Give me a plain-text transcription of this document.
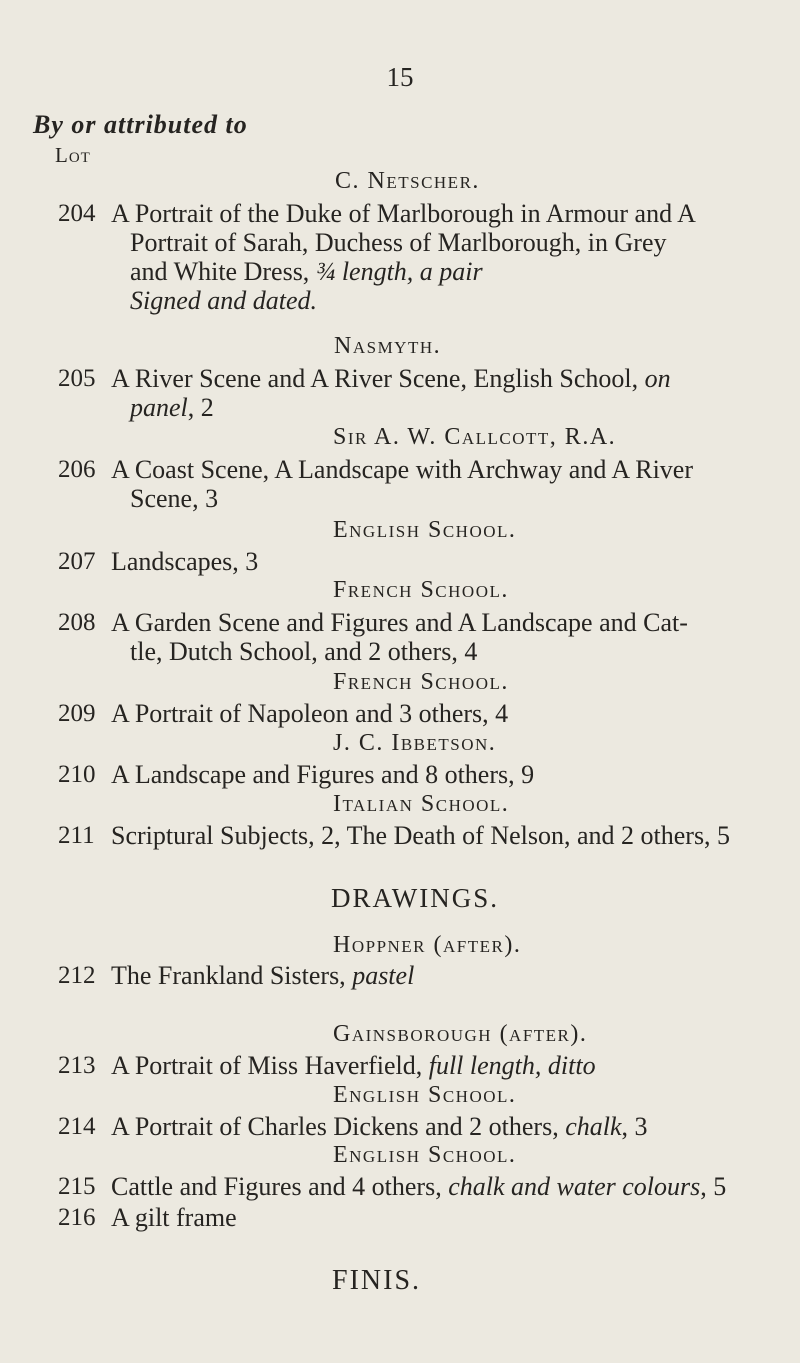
15
By or attributed to
Lot
C. Netscher.
204 A Portrait of the Duke of Marlborough in Armour and A
Portrait of Sarah, Duchess of Marlborough, in Grey
and White Dress, ¾ length, a pair
Signed and dated.
Nasmyth.
205 A River Scene and A River Scene, English School, on
panel, 2
Sir A. W. Callcott, R.A.
206 A Coast Scene, A Landscape with Archway and A River
Scene, 3
English School.
207 Landscapes, 3
French School.
208 A Garden Scene and Figures and A Landscape and Cat-
tle, Dutch School, and 2 others, 4
French School.
209 A Portrait of Napoleon and 3 others, 4
J. C. Ibbetson.
210 A Landscape and Figures and 8 others, 9
Italian School.
211 Scriptural Subjects, 2, The Death of Nelson, and 2 others, 5
DRAWINGS.
Hoppner (after).
212 The Frankland Sisters, pastel
Gainsborough (after).
213 A Portrait of Miss Haverfield, full length, ditto
English School.
214 A Portrait of Charles Dickens and 2 others, chalk, 3
English School.
215 Cattle and Figures and 4 others, chalk and water colours, 5
216 A gilt frame
FINIS.
